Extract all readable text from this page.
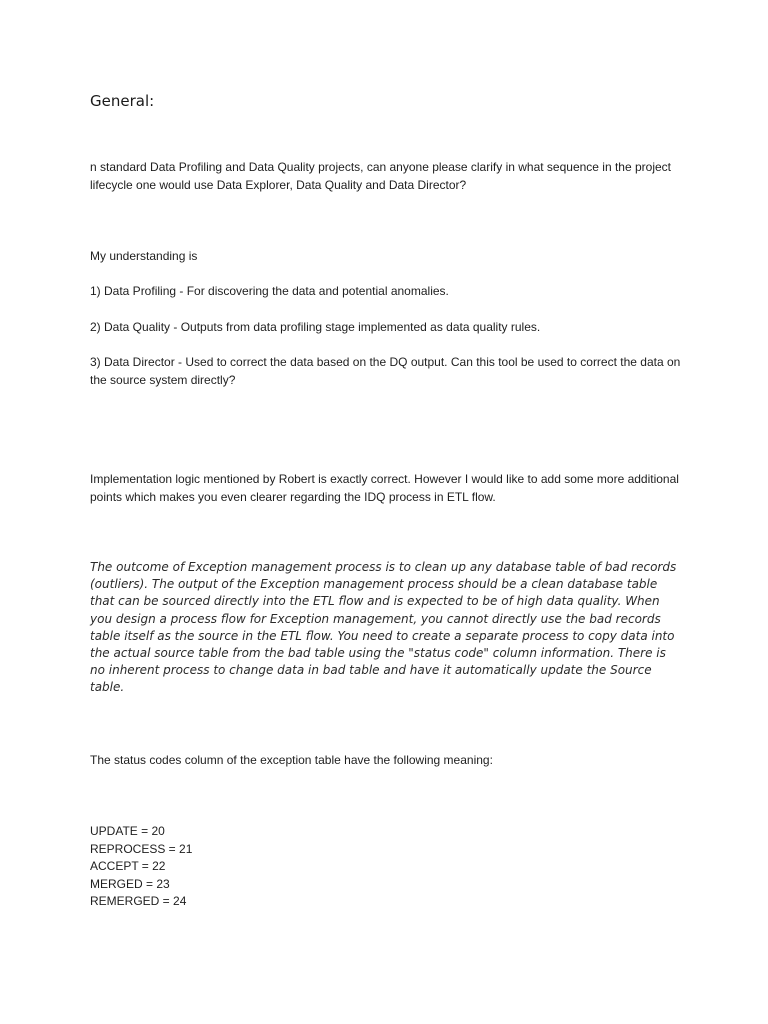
General:

n standard Data Profiling and Data Quality projects, can anyone please clarify in what sequence in the project lifecycle one would use Data Explorer, Data Quality and Data Director?

My understanding is

1) Data Profiling - For discovering the data and potential anomalies.

2) Data Quality - Outputs from data profiling stage implemented as data quality rules.

3) Data Director - Used to correct the data based on the DQ output. Can this tool be used to correct the data on the source system directly?

Implementation logic mentioned by Robert is exactly correct. However I would like to add some more additional points which makes you even clearer regarding the IDQ process in ETL flow.

The outcome of Exception management process is to clean up any database table of bad records (outliers). The output of the Exception management process should be a clean database table that can be sourced directly into the ETL flow and is expected to be of high data quality. When you design a process flow for Exception management, you cannot directly use the bad records table itself as the source in the ETL flow. You need to create a separate process to copy data into the actual source table from the bad table using the "status code" column information. There is no inherent process to change data in bad table and have it automatically update the Source table.

The status codes column of the exception table have the following meaning:

UPDATE = 20
REPROCESS = 21
ACCEPT = 22
MERGED = 23
REMERGED = 24
